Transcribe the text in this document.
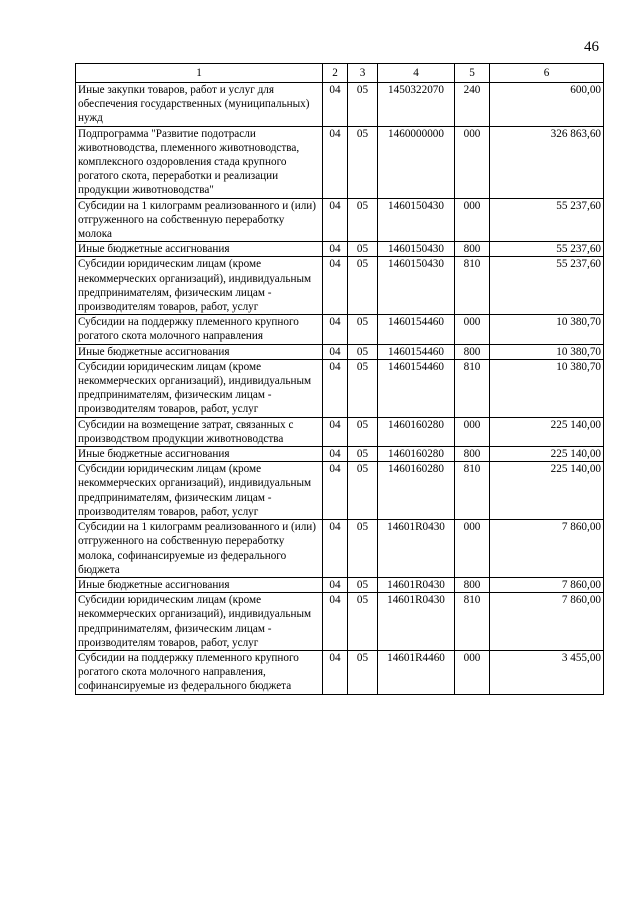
46
1	2	3	4	5	6
Иные закупки товаров, работ и услуг для обеспечения государственных (муниципальных) нужд	04	05	1450322070	240	600,00
Подпрограмма "Развитие подотрасли животноводства, племенного животноводства, комплексного оздоровления стада крупного рогатого скота, переработки и реализации продукции животноводства"	04	05	1460000000	000	326 863,60
Субсидии на 1 килограмм реализованного и (или) отгруженного на собственную переработку молока	04	05	1460150430	000	55 237,60
Иные бюджетные ассигнования	04	05	1460150430	800	55 237,60
Субсидии юридическим лицам (кроме некоммерческих организаций), индивидуальным предпринимателям, физическим лицам - производителям товаров, работ, услуг	04	05	1460150430	810	55 237,60
Субсидии на поддержку племенного крупного рогатого скота молочного направления	04	05	1460154460	000	10 380,70
Иные бюджетные ассигнования	04	05	1460154460	800	10 380,70
Субсидии юридическим лицам (кроме некоммерческих организаций), индивидуальным предпринимателям, физическим лицам - производителям товаров, работ, услуг	04	05	1460154460	810	10 380,70
Субсидии на возмещение затрат, связанных с производством продукции животноводства	04	05	1460160280	000	225 140,00
Иные бюджетные ассигнования	04	05	1460160280	800	225 140,00
Субсидии юридическим лицам (кроме некоммерческих организаций), индивидуальным предпринимателям, физическим лицам - производителям товаров, работ, услуг	04	05	1460160280	810	225 140,00
Субсидии на 1 килограмм реализованного и (или) отгруженного на собственную переработку молока, софинансируемые из федерального бюджета	04	05	14601R0430	000	7 860,00
Иные бюджетные ассигнования	04	05	14601R0430	800	7 860,00
Субсидии юридическим лицам (кроме некоммерческих организаций), индивидуальным предпринимателям, физическим лицам - производителям товаров, работ, услуг	04	05	14601R0430	810	7 860,00
Субсидии на поддержку племенного крупного рогатого скота молочного направления, софинансируемые из федерального бюджета	04	05	14601R4460	000	3 455,00
